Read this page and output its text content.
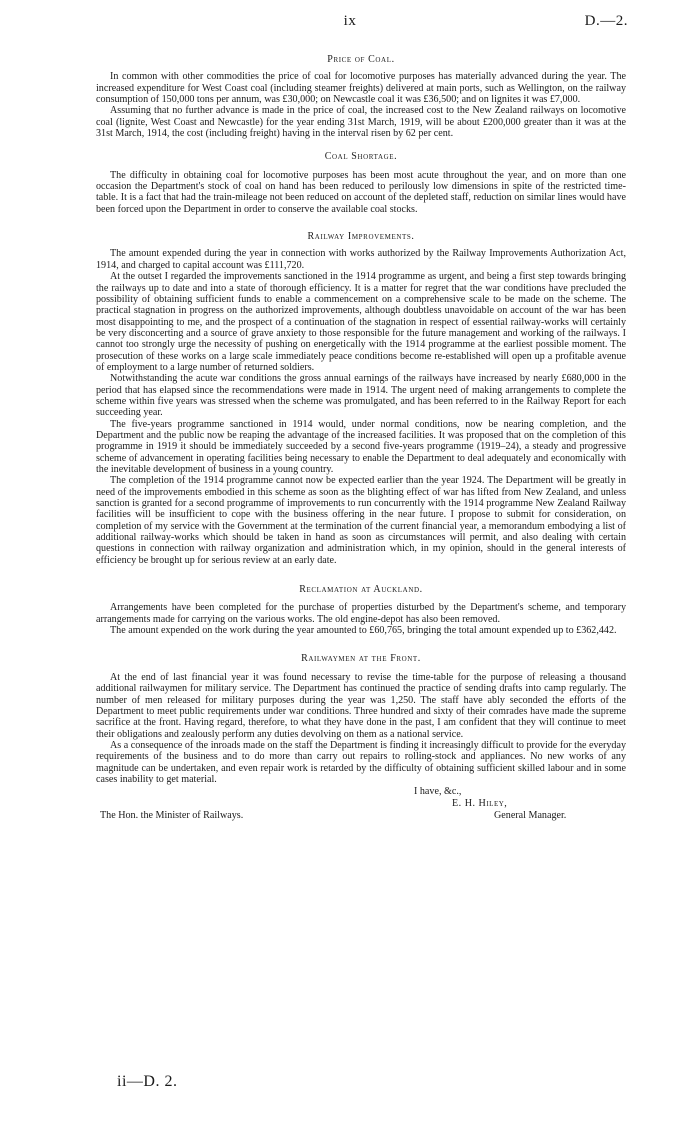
ix	D.—2.
Price of Coal.

In common with other commodities the price of coal for locomotive purposes has materially advanced during the year. The increased expenditure for West Coast coal (including steamer freights) delivered at main ports, such as Wellington, on the railway consumption of 150,000 tons per annum, was £30,000; on Newcastle coal it was £36,500; and on lignites it was £7,000.

Assuming that no further advance is made in the price of coal, the increased cost to the New Zealand railways on locomotive coal (lignite, West Coast and Newcastle) for the year ending 31st March, 1919, will be about £200,000 greater than it was at the 31st March, 1914, the cost (including freight) having in the interval risen by 62 per cent.

Coal Shortage.

The difficulty in obtaining coal for locomotive purposes has been most acute throughout the year, and on more than one occasion the Department's stock of coal on hand has been reduced to perilously low dimensions in spite of the restricted time-table. It is a fact that had the train-mileage not been reduced on account of the depleted staff, reduction on similar lines would have been forced upon the Department in order to conserve the available coal stocks.

Railway Improvements.

The amount expended during the year in connection with works authorized by the Railway Improvements Authorization Act, 1914, and charged to capital account was £111,720.

At the outset I regarded the improvements sanctioned in the 1914 programme as urgent, and being a first step towards bringing the railways up to date and into a state of thorough efficiency. It is a matter for regret that the war conditions have precluded the possibility of obtaining sufficient funds to enable a commencement on a comprehensive scale to be made on the scheme. The practical stagnation in progress on the authorized improvements, although doubtless unavoidable on account of the war has been most disappointing to me, and the prospect of a continuation of the stagnation in respect of essential railway-works will certainly be very disconcerting and a source of grave anxiety to those responsible for the future management and working of the railways. I cannot too strongly urge the necessity of pushing on energetically with the 1914 programme at the earliest possible moment. The prosecution of these works on a large scale immediately peace conditions become re-established will open up a profitable avenue of employment to a large number of returned soldiers.

Notwithstanding the acute war conditions the gross annual earnings of the railways have increased by nearly £680,000 in the period that has elapsed since the recommendations were made in 1914. The urgent need of making arrangements to complete the scheme within five years was stressed when the scheme was promulgated, and has been referred to in the Railway Report for each succeeding year.

The five-years programme sanctioned in 1914 would, under normal conditions, now be nearing completion, and the Department and the public now be reaping the advantage of the increased facilities. It was proposed that on the completion of this programme in 1919 it should be immediately succeeded by a second five-years programme (1919–24), a steady and progressive scheme of advancement in operating facilities being necessary to enable the Department to deal adequately and economically with the inevitable development of business in a young country.

The completion of the 1914 programme cannot now be expected earlier than the year 1924. The Department will be greatly in need of the improvements embodied in this scheme as soon as the blighting effect of war has lifted from New Zealand, and unless sanction is granted for a second programme of improvements to run concurrently with the 1914 programme New Zealand Railway facilities will be insufficient to cope with the business offering in the near future. I propose to submit for consideration, on completion of my service with the Government at the termination of the current financial year, a memorandum embodying a list of additional railway-works which should be taken in hand as soon as circumstances will permit, and also dealing with certain questions in connection with railway organization and administration which, in my opinion, should in the general interests of efficiency be brought up for serious review at an early date.

Reclamation at Auckland.

Arrangements have been completed for the purchase of properties disturbed by the Department's scheme, and temporary arrangements made for carrying on the various works. The old engine-depot has also been removed.

The amount expended on the work during the year amounted to £60,765, bringing the total amount expended up to £362,442.

Railwaymen at the Front.

At the end of last financial year it was found necessary to revise the time-table for the purpose of releasing a thousand additional railwaymen for military service. The Department has continued the practice of sending drafts into camp regularly. The number of men released for military purposes during the year was 1,250. The staff have ably seconded the efforts of the Department to meet public requirements under war conditions. Three hundred and sixty of their comrades have made the supreme sacrifice at the front. Having regard, therefore, to what they have done in the past, I am confident that they will continue to meet their obligations and zealously perform any duties devolving on them as a national service.

As a consequence of the inroads made on the staff the Department is finding it increasingly difficult to provide for the everyday requirements of the business and to do more than carry out repairs to rolling-stock and appliances. No new works of any magnitude can be undertaken, and even repair work is retarded by the difficulty of obtaining sufficient skilled labour and in some cases inability to get material.

I have, &c.,
E. H. Hiley,
The Hon. the Minister of Railways.	General Manager.
ii—D. 2.
